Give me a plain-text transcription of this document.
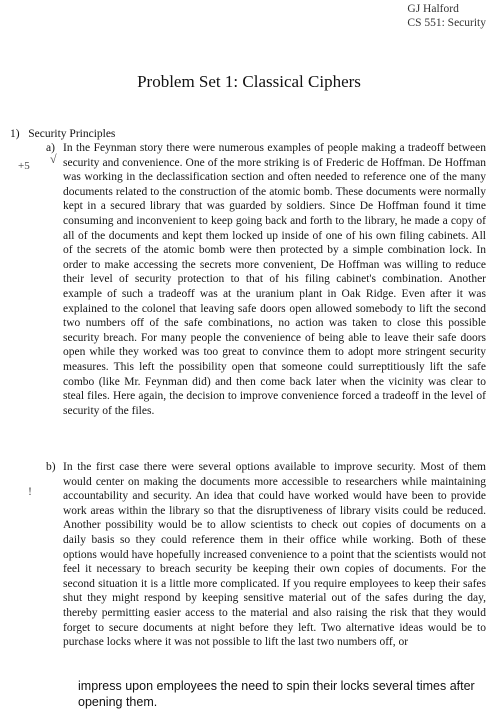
GJ Halford
CS 551: Security
Problem Set 1: Classical Ciphers
1) Security Principles
+5 √
!
a) In the Feynman story there were numerous examples of people making a tradeoff between security and convenience. One of the more striking is of Frederic de Hoffman. De Hoffman was working in the declassification section and often needed to reference one of the many documents related to the construction of the atomic bomb. These documents were normally kept in a secured library that was guarded by soldiers. Since De Hoffman found it time consuming and inconvenient to keep going back and forth to the library, he made a copy of all of the documents and kept them locked up inside of one of his own filing cabinets. All of the secrets of the atomic bomb were then protected by a simple combination lock. In order to make accessing the secrets more convenient, De Hoffman was willing to reduce their level of security protection to that of his filing cabinet's combination. Another example of such a tradeoff was at the uranium plant in Oak Ridge. Even after it was explained to the colonel that leaving safe doors open allowed somebody to lift the second two numbers off of the safe combinations, no action was taken to close this possible security breach. For many people the convenience of being able to leave their safe doors open while they worked was too great to convince them to adopt more stringent security measures. This left the possibility open that someone could surreptitiously lift the safe combo (like Mr. Feynman did) and then come back later when the vicinity was clear to steal files. Here again, the decision to improve convenience forced a tradeoff in the level of security of the files.
b) In the first case there were several options available to improve security. Most of them would center on making the documents more accessible to researchers while maintaining accountability and security. An idea that could have worked would have been to provide work areas within the library so that the disruptiveness of library visits could be reduced. Another possibility would be to allow scientists to check out copies of documents on a daily basis so they could reference them in their office while working. Both of these options would have hopefully increased convenience to a point that the scientists would not feel it necessary to breach security be keeping their own copies of documents. For the second situation it is a little more complicated. If you require employees to keep their safes shut they might respond by keeping sensitive material out of the safes during the day, thereby permitting easier access to the material and also raising the risk that they would forget to secure documents at night before they left. Two alternative ideas would be to purchase locks where it was not possible to lift the last two numbers off, or
impress upon employees the need to spin their locks several times after opening them.
